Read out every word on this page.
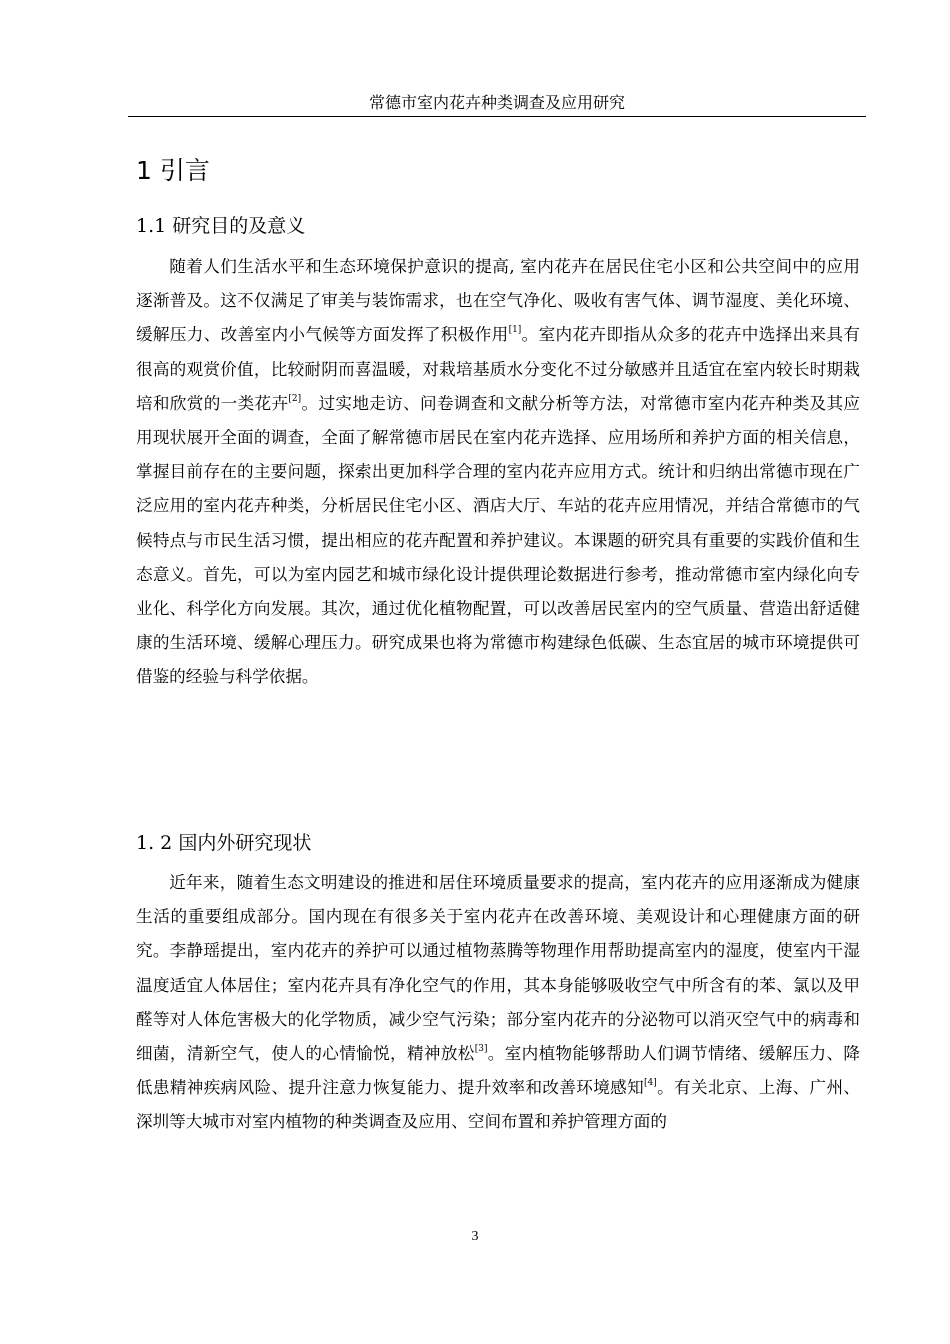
常德市室内花卉种类调查及应用研究
1 引言
1.1 研究目的及意义

随着人们生活水平和生态环境保护意识的提高, 室内花卉在居民住宅小区和公共空间中的应用逐渐普及。这不仅满足了审美与装饰需求，也在空气净化、吸收有害气体、调节湿度、美化环境、缓解压力、改善室内小气候等方面发挥了积极作用[1]。室内花卉即指从众多的花卉中选择出来具有很高的观赏价值，比较耐阴而喜温暖，对栽培基质水分变化不过分敏感并且适宜在室内较长时期栽培和欣赏的一类花卉[2]。过实地走访、问卷调查和文献分析等方法，对常德市室内花卉种类及其应用现状展开全面的调查，全面了解常德市居民在室内花卉选择、应用场所和养护方面的相关信息，掌握目前存在的主要问题，探索出更加科学合理的室内花卉应用方式。统计和归纳出常德市现在广泛应用的室内花卉种类，分析居民住宅小区、酒店大厅、车站的花卉应用情况，并结合常德市的气候特点与市民生活习惯，提出相应的花卉配置和养护建议。本课题的研究具有重要的实践价值和生态意义。首先，可以为室内园艺和城市绿化设计提供理论数据进行参考，推动常德市室内绿化向专业化、科学化方向发展。其次，通过优化植物配置，可以改善居民室内的空气质量、营造出舒适健康的生活环境、缓解心理压力。研究成果也将为常德市构建绿色低碳、生态宜居的城市环境提供可借鉴的经验与科学依据。

1. 2 国内外研究现状

近年来，随着生态文明建设的推进和居住环境质量要求的提高，室内花卉的应用逐渐成为健康生活的重要组成部分。国内现在有很多关于室内花卉在改善环境、美观设计和心理健康方面的研究。李静瑶提出，室内花卉的养护可以通过植物蒸腾等物理作用帮助提高室内的湿度，使室内干湿温度适宜人体居住；室内花卉具有净化空气的作用，其本身能够吸收空气中所含有的苯、氯以及甲醛等对人体危害极大的化学物质，减少空气污染；部分室内花卉的分泌物可以消灭空气中的病毒和细菌，清新空气，使人的心情愉悦，精神放松[3]。室内植物能够帮助人们调节情绪、缓解压力、降低患精神疾病风险、提升注意力恢复能力、提升效率和改善环境感知[4]。有关北京、上海、广州、深圳等大城市对室内植物的种类调查及应用、空间布置和养护管理方面的

3
